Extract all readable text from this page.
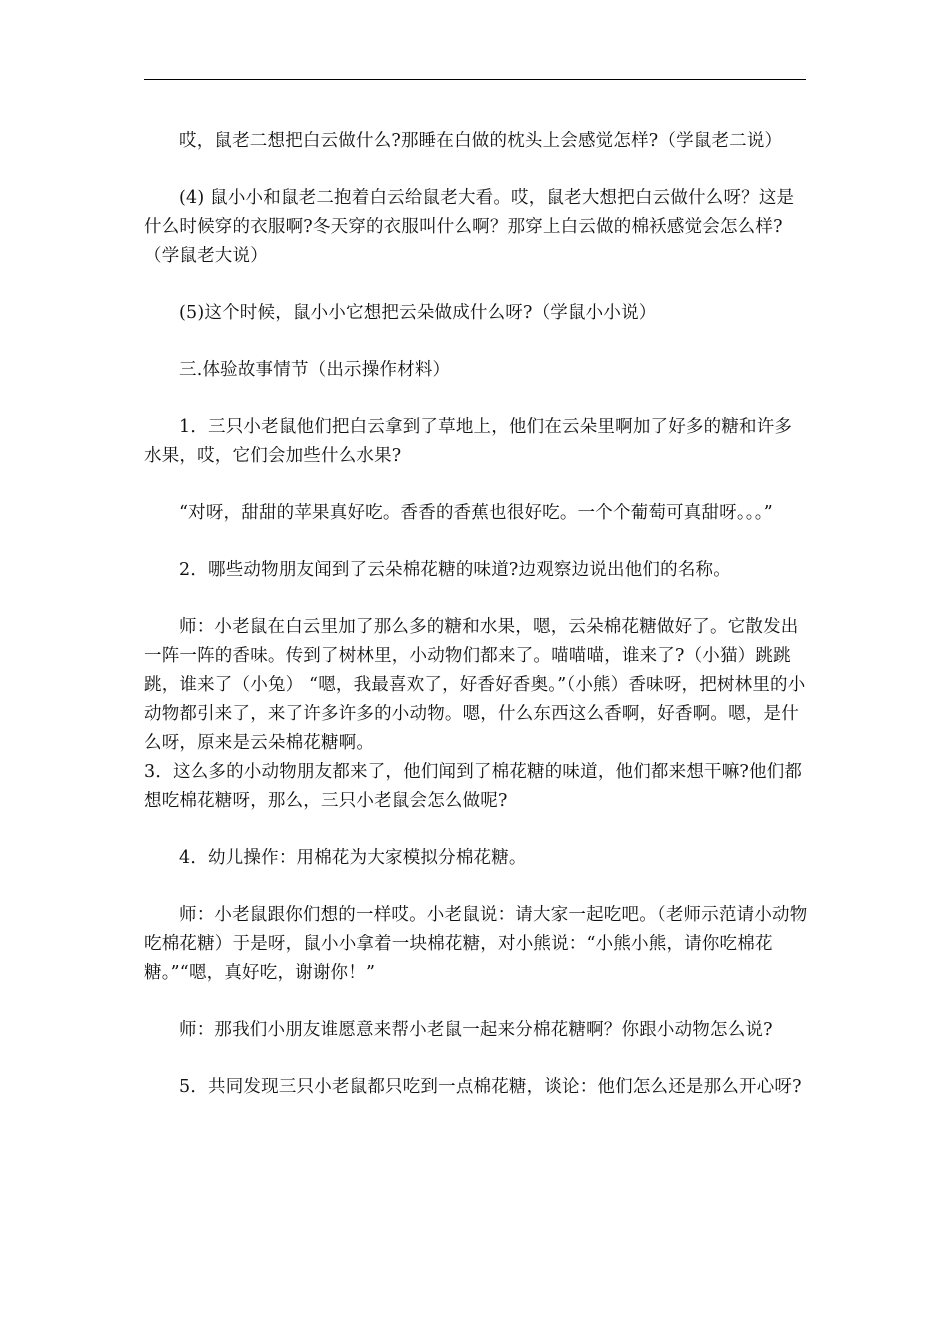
哎，鼠老二想把白云做什么?那睡在白做的枕头上会感觉怎样?（学鼠老二说）

(4) 鼠小小和鼠老二抱着白云给鼠老大看。哎，鼠老大想把白云做什么呀？这是什么时候穿的衣服啊?冬天穿的衣服叫什么啊？那穿上白云做的棉袄感觉会怎么样?（学鼠老大说）

(5)这个时候，鼠小小它想把云朵做成什么呀?（学鼠小小说）

三.体验故事情节（出示操作材料）

1．三只小老鼠他们把白云拿到了草地上，他们在云朵里啊加了好多的糖和许多水果，哎，它们会加些什么水果?

“对呀，甜甜的苹果真好吃。香香的香蕉也很好吃。一个个葡萄可真甜呀。。。”

2．哪些动物朋友闻到了云朵棉花糖的味道?边观察边说出他们的名称。

师：小老鼠在白云里加了那么多的糖和水果，嗯，云朵棉花糖做好了。它散发出一阵一阵的香味。传到了树林里，小动物们都来了。喵喵喵，谁来了?（小猫）跳跳跳，谁来了（小兔） “嗯，我最喜欢了，好香好香奥。”（小熊）香味呀，把树林里的小动物都引来了，来了许多许多的小动物。嗯，什么东西这么香啊，好香啊。嗯，是什么呀，原来是云朵棉花糖啊。

3．这么多的小动物朋友都来了，他们闻到了棉花糖的味道，他们都来想干嘛?他们都想吃棉花糖呀，那么，三只小老鼠会怎么做呢?

4．幼儿操作：用棉花为大家模拟分棉花糖。

师：小老鼠跟你们想的一样哎。小老鼠说：请大家一起吃吧。（老师示范请小动物吃棉花糖）于是呀，鼠小小拿着一块棉花糖，对小熊说：“小熊小熊，请你吃棉花糖。”“嗯，真好吃，谢谢你！”

师：那我们小朋友谁愿意来帮小老鼠一起来分棉花糖啊？你跟小动物怎么说?

5．共同发现三只小老鼠都只吃到一点棉花糖，谈论：他们怎么还是那么开心呀?
